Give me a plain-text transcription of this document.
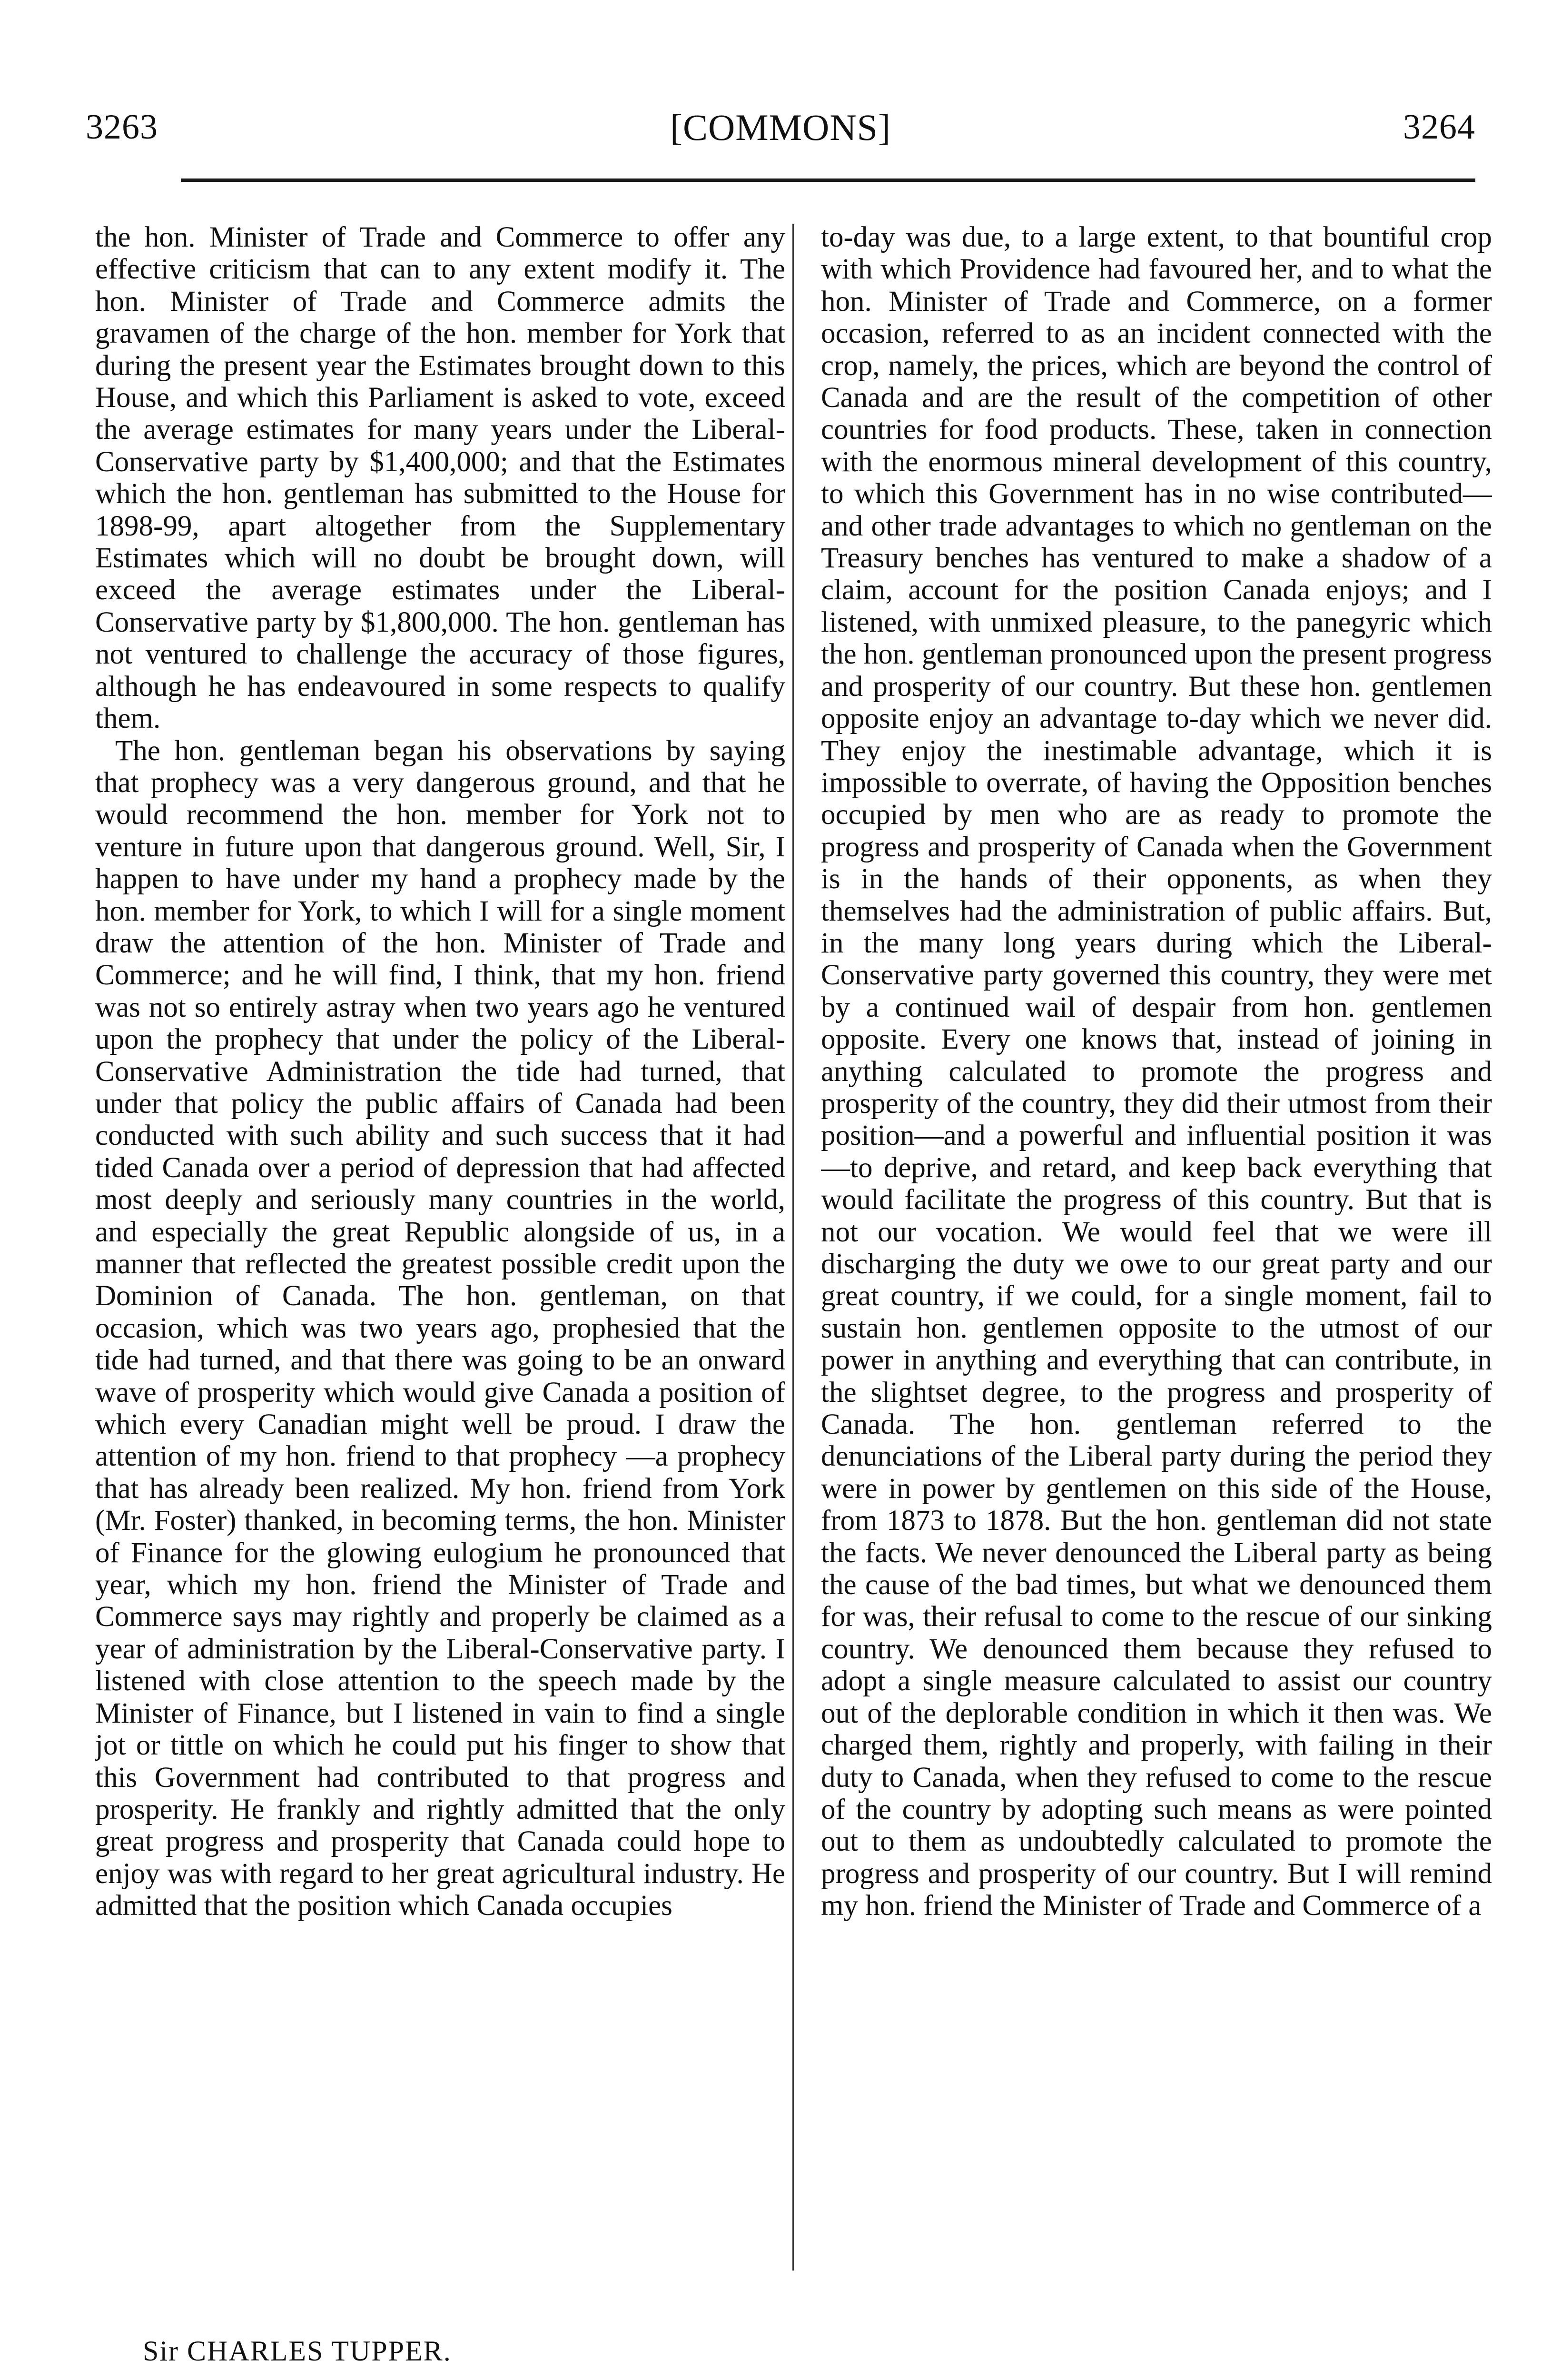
3263	[COMMONS]	3264

the hon. Minister of Trade and Commerce to offer any effective criticism that can to any extent modify it. The hon. Minister of Trade and Commerce admits the gravamen of the charge of the hon. member for York that during the present year the Estimates brought down to this House, and which this Parliament is asked to vote, exceed the average estimates for many years under the Liberal-Conservative party by $1,400,000; and that the Estimates which the hon. gentleman has submitted to the House for 1898-99, apart altogether from the Supplementary Estimates which will no doubt be brought down, will exceed the average estimates under the Liberal-Conservative party by $1,800,000. The hon. gentleman has not ventured to challenge the accuracy of those figures, although he has endeavoured in some respects to qualify them.

The hon. gentleman began his observations by saying that prophecy was a very dangerous ground, and that he would recommend the hon. member for York not to venture in future upon that dangerous ground. Well, Sir, I happen to have under my hand a prophecy made by the hon. member for York, to which I will for a single moment draw the attention of the hon. Minister of Trade and Commerce; and he will find, I think, that my hon. friend was not so entirely astray when two years ago he ventured upon the prophecy that under the policy of the Liberal-Conservative Administration the tide had turned, that under that policy the public affairs of Canada had been conducted with such ability and such success that it had tided Canada over a period of depression that had affected most deeply and seriously many countries in the world, and especially the great Republic alongside of us, in a manner that reflected the greatest possible credit upon the Dominion of Canada. The hon. gentleman, on that occasion, which was two years ago, prophesied that the tide had turned, and that there was going to be an onward wave of prosperity which would give Canada a position of which every Canadian might well be proud. I draw the attention of my hon. friend to that prophecy —a prophecy that has already been realized. My hon. friend from York (Mr. Foster) thanked, in becoming terms, the hon. Minister of Finance for the glowing eulogium he pronounced that year, which my hon. friend the Minister of Trade and Commerce says may rightly and properly be claimed as a year of administration by the Liberal-Conservative party. I listened with close attention to the speech made by the Minister of Finance, but I listened in vain to find a single jot or tittle on which he could put his finger to show that this Government had contributed to that progress and prosperity. He frankly and rightly admitted that the only great progress and prosperity that Canada could hope to enjoy was with regard to her great agricultural industry. He admitted that the position which Canada occupies

to-day was due, to a large extent, to that bountiful crop with which Providence had favoured her, and to what the hon. Minister of Trade and Commerce, on a former occasion, referred to as an incident connected with the crop, namely, the prices, which are beyond the control of Canada and are the result of the competition of other countries for food products. These, taken in connection with the enormous mineral development of this country, to which this Government has in no wise contributed—and other trade advantages to which no gentleman on the Treasury benches has ventured to make a shadow of a claim, account for the position Canada enjoys; and I listened, with unmixed pleasure, to the panegyric which the hon. gentleman pronounced upon the present progress and prosperity of our country. But these hon. gentlemen opposite enjoy an advantage to-day which we never did. They enjoy the inestimable advantage, which it is impossible to overrate, of having the Opposition benches occupied by men who are as ready to promote the progress and prosperity of Canada when the Government is in the hands of their opponents, as when they themselves had the administration of public affairs. But, in the many long years during which the Liberal-Conservative party governed this country, they were met by a continued wail of despair from hon. gentlemen opposite. Every one knows that, instead of joining in anything calculated to promote the progress and prosperity of the country, they did their utmost from their position—and a powerful and influential position it was—to deprive, and retard, and keep back everything that would facilitate the progress of this country. But that is not our vocation. We would feel that we were ill discharging the duty we owe to our great party and our great country, if we could, for a single moment, fail to sustain hon. gentlemen opposite to the utmost of our power in anything and everything that can contribute, in the slightset degree, to the progress and prosperity of Canada. The hon. gentleman referred to the denunciations of the Liberal party during the period they were in power by gentlemen on this side of the House, from 1873 to 1878. But the hon. gentleman did not state the facts. We never denounced the Liberal party as being the cause of the bad times, but what we denounced them for was, their refusal to come to the rescue of our sinking country. We denounced them because they refused to adopt a single measure calculated to assist our country out of the deplorable condition in which it then was. We charged them, rightly and properly, with failing in their duty to Canada, when they refused to come to the rescue of the country by adopting such means as were pointed out to them as undoubtedly calculated to promote the progress and prosperity of our country. But I will remind my hon. friend the Minister of Trade and Commerce of a

Sir CHARLES TUPPER.
